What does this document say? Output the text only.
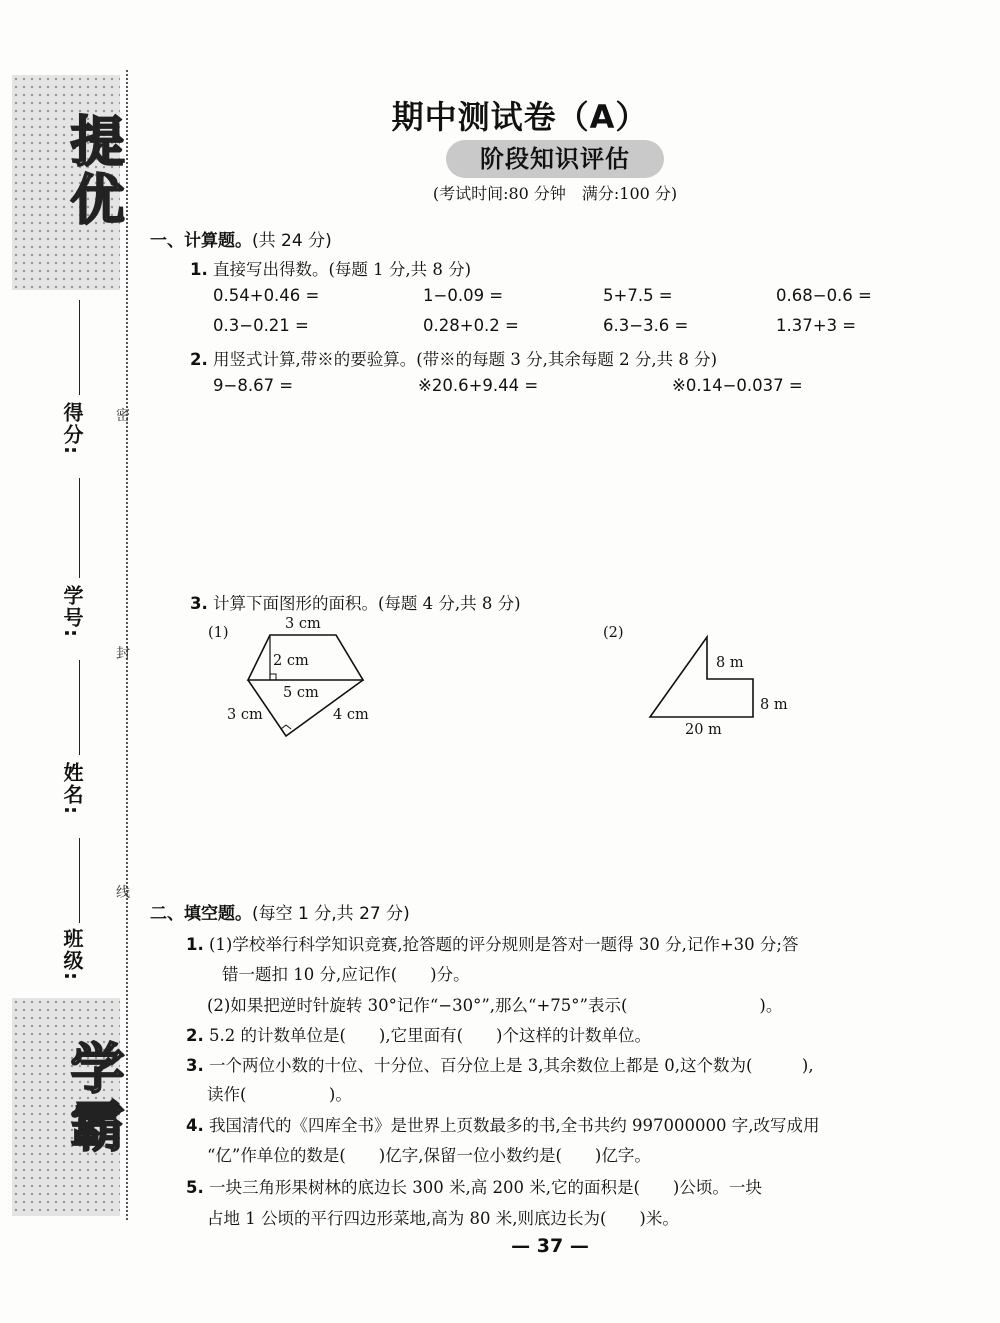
提优
学霸
密
封
线
得分:
学号:
姓名:
班级:
期中测试卷（A）
阶段知识评估
(考试时间:80 分钟　满分:100 分)
一、计算题。(共 24 分)
1. 直接写出得数。(每题 1 分,共 8 分)
0.54+0.46 =	1−0.09 =	5+7.5 =	0.68−0.6 =
0.3−0.21 =	0.28+0.2 =	6.3−3.6 =	1.37+3 =
2. 用竖式计算,带※的要验算。(带※的每题 3 分,其余每题 2 分,共 8 分)
9−8.67 =	※20.6+9.44 =	※0.14−0.037 =
3. 计算下面图形的面积。(每题 4 分,共 8 分)
(1)
3 cm
2 cm
5 cm
3 cm	4 cm
(2)
8 m
8 m
20 m
二、填空题。(每空 1 分,共 27 分)
1. (1)学校举行科学知识竞赛,抢答题的评分规则是答对一题得 30 分,记作+30 分;答
错一题扣 10 分,应记作(　　)分。
(2)如果把逆时针旋转 30°记作“−30°”,那么“+75°”表示(　　　　　　　　)。
2. 5.2 的计数单位是(　　),它里面有(　　)个这样的计数单位。
3. 一个两位小数的十位、十分位、百分位上是 3,其余数位上都是 0,这个数为(　　　),
读作(　　　　　)。
4. 我国清代的《四库全书》是世界上页数最多的书,全书共约 997000000 字,改写成用
“亿”作单位的数是(　　)亿字,保留一位小数约是(　　)亿字。
5. 一块三角形果树林的底边长 300 米,高 200 米,它的面积是(　　)公顷。一块
占地 1 公顷的平行四边形菜地,高为 80 米,则底边长为(　　)米。
— 37 —
